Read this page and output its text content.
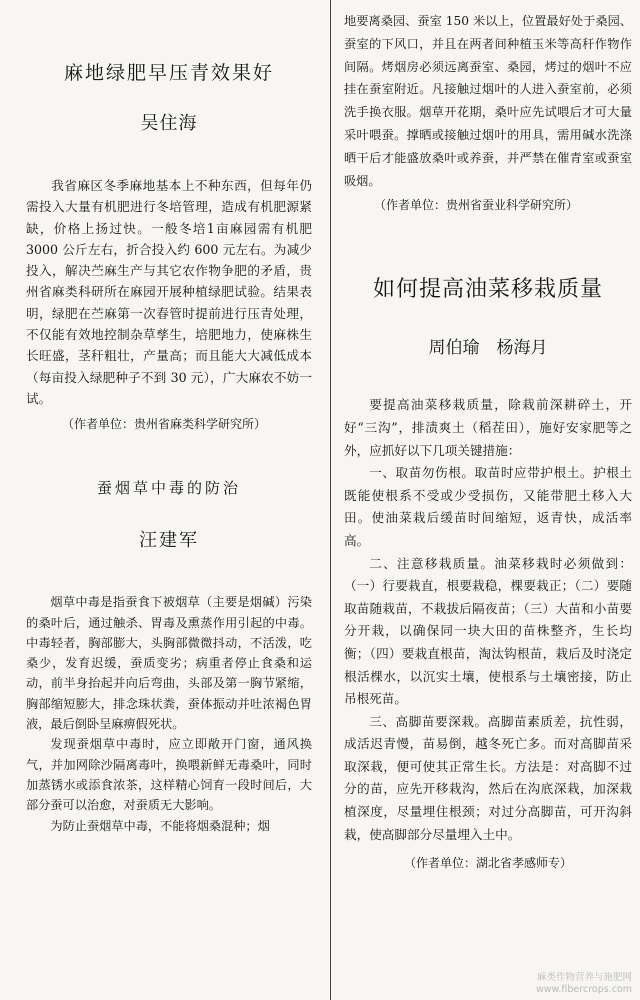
麻地绿肥早压青效果好
吴住海

我省麻区冬季麻地基本上不种东西，但每年仍需投入大量有机肥进行冬培管理，造成有机肥源紧缺，价格上扬过快。一般冬培1亩麻园需有机肥 3000 公斤左右，折合投入约 600 元左右。为减少投入，解决苎麻生产与其它农作物争肥的矛盾，贵州省麻类科研所在麻园开展种植绿肥试验。结果表明，绿肥在苎麻第一次春管时提前进行压青处理，不仅能有效地控制杂草孳生，培肥地力，使麻株生长旺盛，茎秆粗壮，产量高；而且能大大减低成本（每亩投入绿肥种子不到 30 元），广大麻农不妨一试。

（作者单位：贵州省麻类科学研究所）

蚕烟草中毒的防治
汪建军

烟草中毒是指蚕食下被烟草（主要是烟碱）污染的桑叶后，通过触杀、胃毒及熏蒸作用引起的中毒。中毒轻者，胸部膨大，头胸部微微抖动，不活泼，吃桑少，发育迟缓，蚕质变劣；病重者停止食桑和运动，前半身抬起并向后弯曲，头部及第一胸节紧缩，胸部缩短膨大，排念珠状粪，蚕体振动并吐浓褐色胃液，最后倒卧呈麻痹假死状。

发现蚕烟草中毒时，应立即敞开门窗，通风换气，并加网除沙隔离毒叶，换喂新鲜无毒桑叶，同时加蒸锈水或添食浓茶，这样精心饲育一段时间后，大部分蚕可以治愈，对蚕质无大影响。

为防止蚕烟草中毒，不能将烟桑混种；烟

地要离桑园、蚕室 150 米以上，位置最好处于桑园、蚕室的下风口，并且在两者间种植玉米等高秆作物作间隔。烤烟房必须远离蚕室、桑园，烤过的烟叶不应挂在蚕室附近。凡接触过烟叶的人进入蚕室前，必须洗手换衣服。烟草开花期，桑叶应先试喂后才可大量采叶喂蚕。撑晒或接触过烟叶的用具，需用碱水洗涤晒干后才能盛放桑叶或养蚕，并严禁在催青室或蚕室吸烟。

（作者单位：贵州省蚕业科学研究所）

如何提高油菜移栽质量
周伯瑜　杨海月

要提高油菜移栽质量，除栽前深耕碎土，开好“三沟”，排渍爽土（稻茬田），施好安家肥等之外，应抓好以下几项关键措施：

一、取苗勿伤根。取苗时应带护根土。护根土既能使根系不受或少受损伤，又能带肥土移入大田。使油菜栽后缓苗时间缩短，返青快，成活率高。

二、注意移栽质量。油菜移栽时必须做到：（一）行要栽直，根要栽稳，棵要栽正；（二）要随取苗随栽苗，不栽拔后隔夜苗；（三）大苗和小苗要分开栽，以确保同一块大田的苗株整齐，生长均衡；（四）要栽直根苗，淘汰钩根苗，栽后及时浇定根活棵水，以沉实土壤，使根系与土壤密接，防止吊根死苗。

三、高脚苗要深栽。高脚苗素质差，抗性弱，成活迟青慢，苗易倒，越冬死亡多。而对高脚苗采取深栽，便可使其正常生长。方法是：对高脚不过分的苗，应先开移栽沟，然后在沟底深栽，加深栽植深度，尽量埋住根颈；对过分高脚苗，可开沟斜栽，使高脚部分尽量埋入土中。

（作者单位：湖北省孝感师专）

麻类作物营养与施肥网
www.fibercrops.com
